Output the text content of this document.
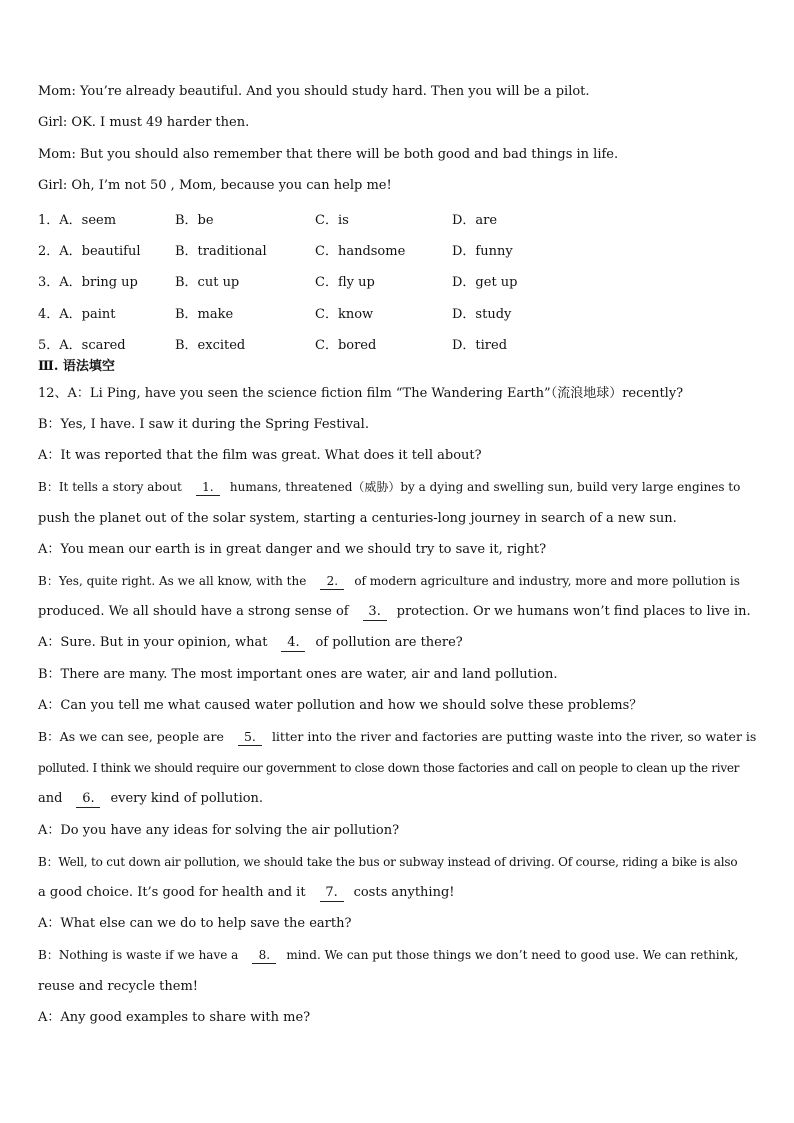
Mom: You’re already beautiful. And you should study hard. Then you will be a pilot.
Girl: OK. I must 49 harder then.
Mom: But you should also remember that there will be both good and bad things in life.
Girl: Oh, I’m not 50 , Mom, because you can help me!
1．A．seem	B．be	C．is	D．are
2．A．beautiful	B．traditional	C．handsome	D．funny
3．A．bring up	B．cut up	C．fly up	D．get up
4．A．paint	B．make	C．know	D．study
5．A．scared	B．excited	C．bored	D．tired
Ⅲ. 语法填空
12、A：Li Ping, have you seen the science fiction film “The Wandering Earth”（流浪地球）recently?
B：Yes, I have. I saw it during the Spring Festival.
A：It was reported that the film was great. What does it tell about?
B：It tells a story about 1. humans, threatened（威胁）by a dying and swelling sun, build very large engines to
push the planet out of the solar system, starting a centuries-long journey in search of a new sun.
A：You mean our earth is in great danger and we should try to save it, right?
B：Yes, quite right. As we all know, with the 2. of modern agriculture and industry, more and more pollution is
produced. We all should have a strong sense of 3. protection. Or we humans won’t find places to live in.
A：Sure. But in your opinion, what 4. of pollution are there?
B：There are many. The most important ones are water, air and land pollution.
A：Can you tell me what caused water pollution and how we should solve these problems？
B：As we can see, people are 5. litter into the river and factories are putting waste into the river, so water is
polluted. I think we should require our government to close down those factories and call on people to clean up the river
and 6. every kind of pollution.
A：Do you have any ideas for solving the air pollution?
B：Well, to cut down air pollution, we should take the bus or subway instead of driving. Of course, riding a bike is also
a good choice. It’s good for health and it 7. costs anything!
A：What else can we do to help save the earth?
B：Nothing is waste if we have a 8. mind. We can put those things we don’t need to good use. We can rethink,
reuse and recycle them!
A：Any good examples to share with me?
